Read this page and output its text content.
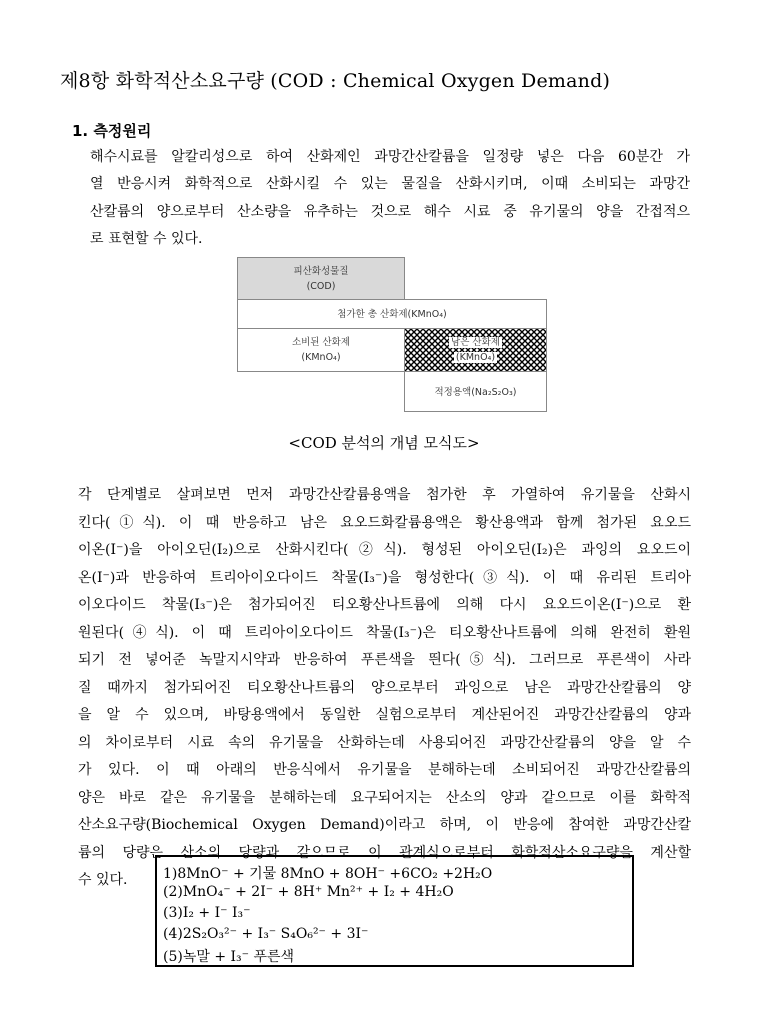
제8항 화학적산소요구량 (COD : Chemical Oxygen Demand)
1. 측정원리
해수시료를 알칼리성으로 하여 산화제인 과망간산칼륨을 일정량 넣은 다음 60분간 가
열 반응시켜 화학적으로 산화시킬 수 있는 물질을 산화시키며, 이때 소비되는 과망간
산칼륨의 양으로부터 산소량을 유추하는 것으로 해수 시료 중 유기물의 양을 간접적으
로 표현할 수 있다.
피산화성물질
(COD)
첨가한 총 산화제(KMnO₄)
소비된 산화제
(KMnO₄)
남은 산화제
(KMnO₄)
적정용액(Na₂S₂O₃)
<COD 분석의 개념 모식도>
각 단계별로 살펴보면 먼저 과망간산칼륨용액을 첨가한 후 가열하여 유기물을 산화시
킨다(①식). 이 때 반응하고 남은 요오드화칼륨용액은 황산용액과 함께 첨가된 요오드
이온(I⁻)을 아이오딘(I₂)으로 산화시킨다(②식). 형성된 아이오딘(I₂)은 과잉의 요오드이
온(I⁻)과 반응하여 트리아이오다이드 착물(I₃⁻)을 형성한다(③식). 이 때 유리된 트리아
이오다이드 착물(I₃⁻)은 첨가되어진 티오황산나트륨에 의해 다시 요오드이온(I⁻)으로 환
원된다(④식). 이 때 트리아이오다이드 착물(I₃⁻)은 티오황산나트륨에 의해 완전히 환원
되기 전 넣어준 녹말지시약과 반응하여 푸른색을 띈다(⑤식). 그러므로 푸른색이 사라
질 때까지 첨가되어진 티오황산나트륨의 양으로부터 과잉으로 남은 과망간산칼륨의 양
을 알 수 있으며, 바탕용액에서 동일한 실험으로부터 계산된어진 과망간산칼륨의 양과
의 차이로부터 시료 속의 유기물을 산화하는데 사용되어진 과망간산칼륨의 양을 알 수
가 있다. 이 때 아래의 반응식에서 유기물을 분해하는데 소비되어진 과망간산칼륨의
양은 바로 같은 유기물을 분해하는데 요구되어지는 산소의 양과 같으므로 이를 화학적
산소요구량(Biochemical Oxygen Demand)이라고 하며, 이 반응에 참여한 과망간산칼
륨의 당량은 산소의 당량과 같으므로 이 관계식으로부터 화학적산소요구량을 계산할
수 있다.	1)8MnO⁻ + 기물 8MnO + 8OH⁻ +6CO₂ +2H₂O
(2)MnO₄⁻ + 2I⁻ + 8H⁺ Mn²⁺ + I₂ + 4H₂O
(3)I₂ + I⁻ I₃⁻
(4)2S₂O₃²⁻ + I₃⁻ S₄O₆²⁻ + 3I⁻
(5)녹말 + I₃⁻ 푸른색
